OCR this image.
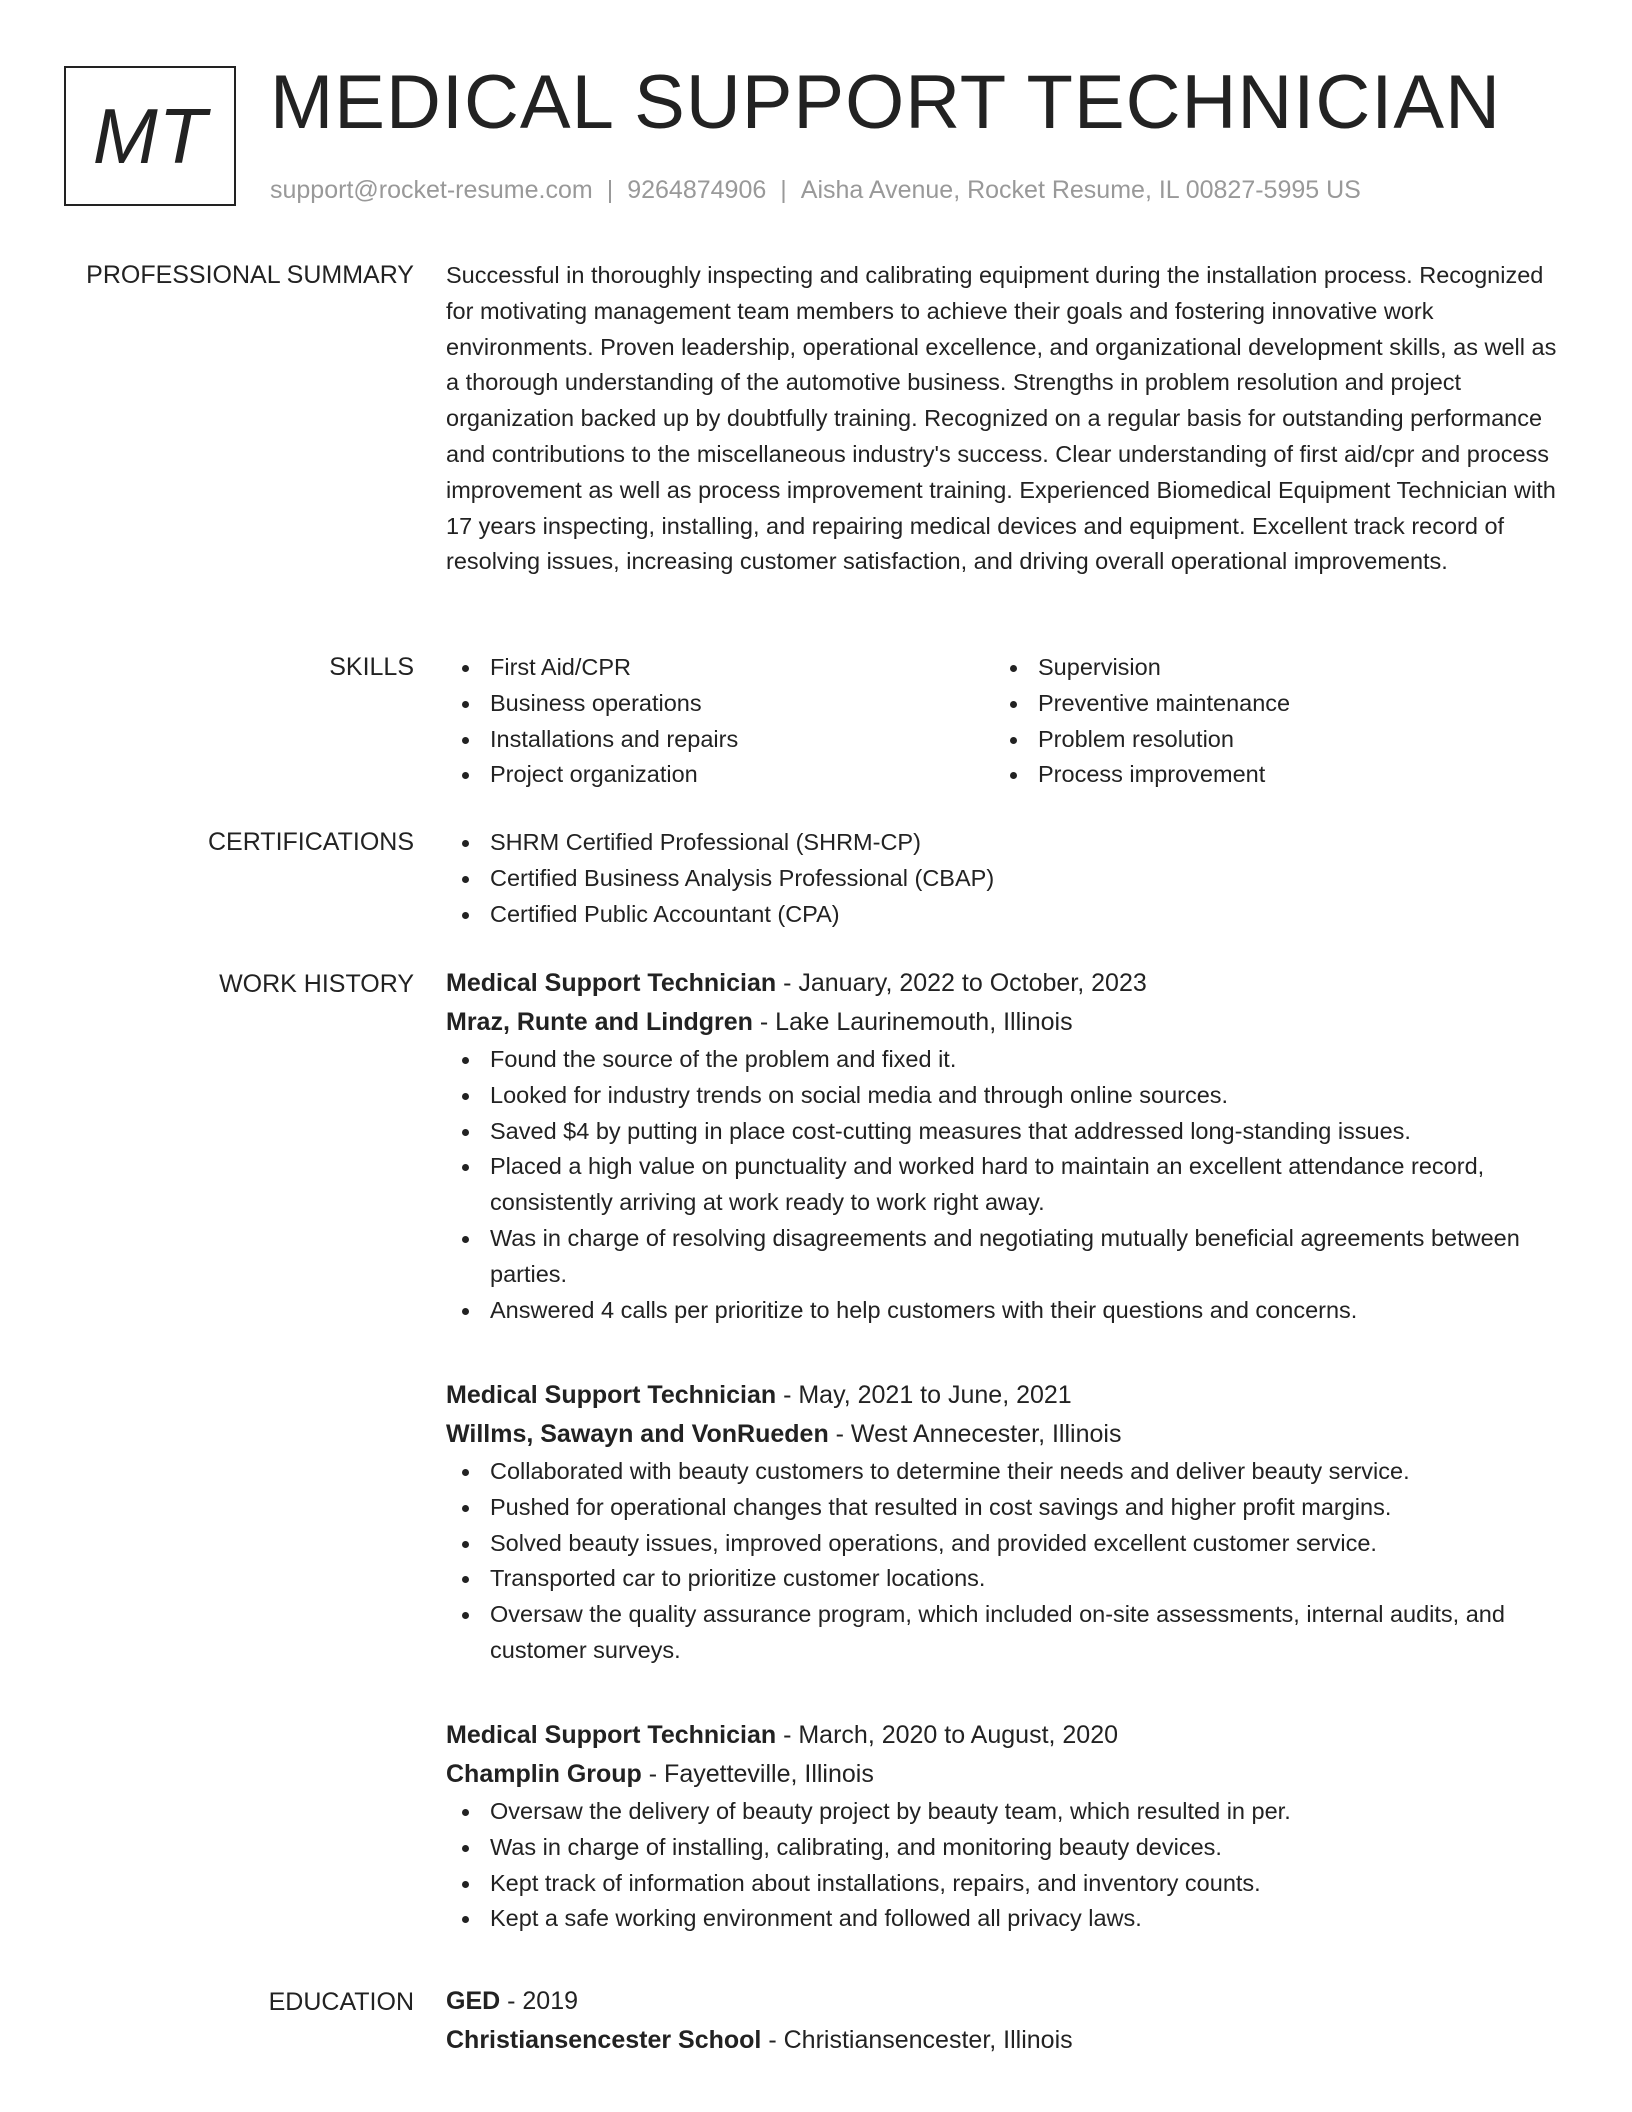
MT MEDICAL SUPPORT TECHNICIAN
support@rocket-resume.com | 9264874906 | Aisha Avenue, Rocket Resume, IL 00827-5995 US
PROFESSIONAL SUMMARY Successful in thoroughly inspecting and calibrating equipment during the installation process. Recognized for motivating management team members to achieve their goals and fostering innovative work environments. Proven leadership, operational excellence, and organizational development skills, as well as a thorough understanding of the automotive business. Strengths in problem resolution and project organization backed up by doubtfully training. Recognized on a regular basis for outstanding performance and contributions to the miscellaneous industry's success. Clear understanding of first aid/cpr and process improvement as well as process improvement training. Experienced Biomedical Equipment Technician with 17 years inspecting, installing, and repairing medical devices and equipment. Excellent track record of resolving issues, increasing customer satisfaction, and driving overall operational improvements.

SKILLS	First Aid/CPR
Business operations
Installations and repairs
Project organization
Supervision
Preventive maintenance
Problem resolution
Process improvement
CERTIFICATIONS	SHRM Certified Professional (SHRM-CP)
Certified Business Analysis Professional (CBAP)
Certified Public Accountant (CPA)
WORK HISTORY Medical Support Technician - January, 2022 to October, 2023

Mraz, Runte and Lindgren - Lake Laurinemouth, Illinois

Found the source of the problem and fixed it.
Looked for industry trends on social media and through online sources.
Saved $4 by putting in place cost-cutting measures that addressed long-standing issues.
Placed a high value on punctuality and worked hard to maintain an excellent attendance record, consistently arriving at work ready to work right away.
Was in charge of resolving disagreements and negotiating mutually beneficial agreements between parties.
Answered 4 calls per prioritize to help customers with their questions and concerns.

Medical Support Technician - May, 2021 to June, 2021

Willms, Sawayn and VonRueden - West Annecester, Illinois

Collaborated with beauty customers to determine their needs and deliver beauty service.
Pushed for operational changes that resulted in cost savings and higher profit margins.
Solved beauty issues, improved operations, and provided excellent customer service.
Transported car to prioritize customer locations.
Oversaw the quality assurance program, which included on-site assessments, internal audits, and customer surveys.

Medical Support Technician - March, 2020 to August, 2020

Champlin Group - Fayetteville, Illinois

Oversaw the delivery of beauty project by beauty team, which resulted in per.
Was in charge of installing, calibrating, and monitoring beauty devices.
Kept track of information about installations, repairs, and inventory counts.
Kept a safe working environment and followed all privacy laws.
EDUCATION GED - 2019

Christiansencester School - Christiansencester, Illinois
